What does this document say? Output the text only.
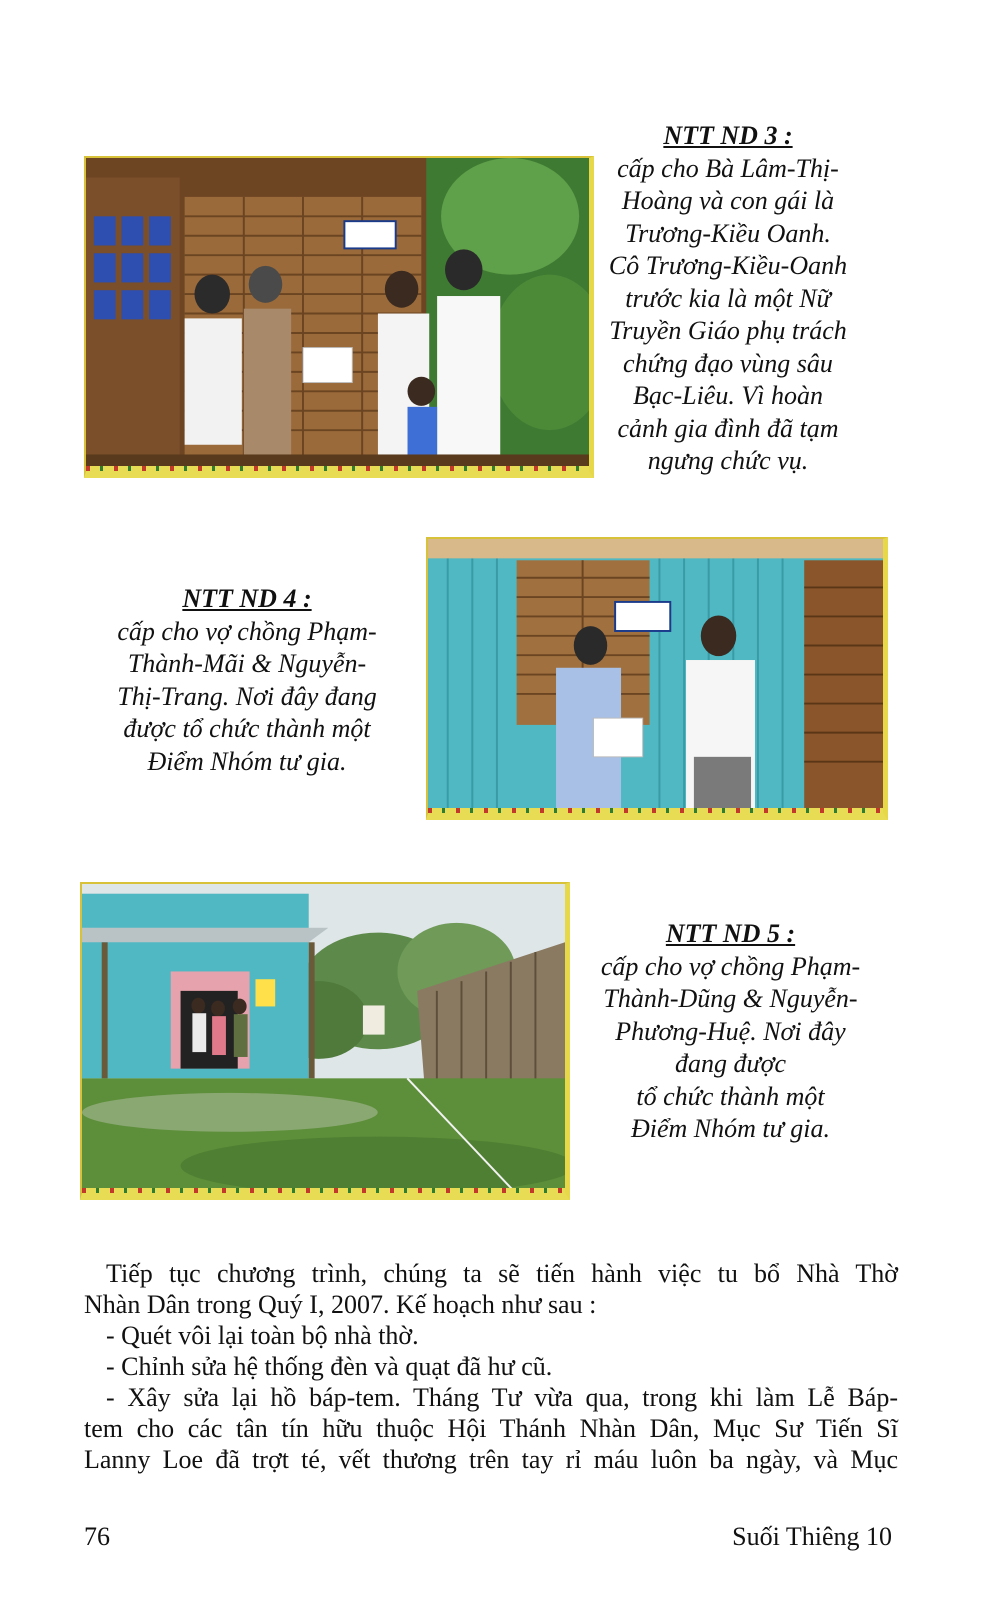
NTT ND 3 :
cấp cho Bà Lâm-Thị-
Hoàng và con gái là
Trương-Kiều Oanh.
Cô Trương-Kiều-Oanh
trước kia là một Nữ
Truyền Giáo phụ trách
chứng đạo vùng sâu
Bạc-Liêu. Vì hoàn
cảnh gia đình đã tạm
ngưng chức vụ.
NTT ND 4 :
cấp cho vợ chồng Phạm-
Thành-Mãi & Nguyễn-
Thị-Trang. Nơi đây đang
được tổ chức thành một
Điểm Nhóm tư gia.
NTT ND 5 :
cấp cho vợ chồng Phạm-
Thành-Dũng & Nguyễn-
Phương-Huệ. Nơi đây
đang được
tổ chức thành một
Điểm Nhóm tư gia.
Tiếp tục chương trình, chúng ta sẽ tiến hành việc tu bổ Nhà Thờ
Nhàn Dân trong Quý I, 2007. Kế hoạch như sau :
- Quét vôi lại toàn bộ nhà thờ.
- Chỉnh sửa hệ thống đèn và quạt đã hư cũ.
- Xây sửa lại hồ báp-tem. Tháng Tư vừa qua, trong khi làm Lễ Báp-
tem cho các tân tín hữu thuộc Hội Thánh Nhàn Dân, Mục Sư Tiến Sĩ
Lanny Loe đã trợt té, vết thương trên tay rỉ máu luôn ba ngày, và Mục
76	Suối Thiêng 10
